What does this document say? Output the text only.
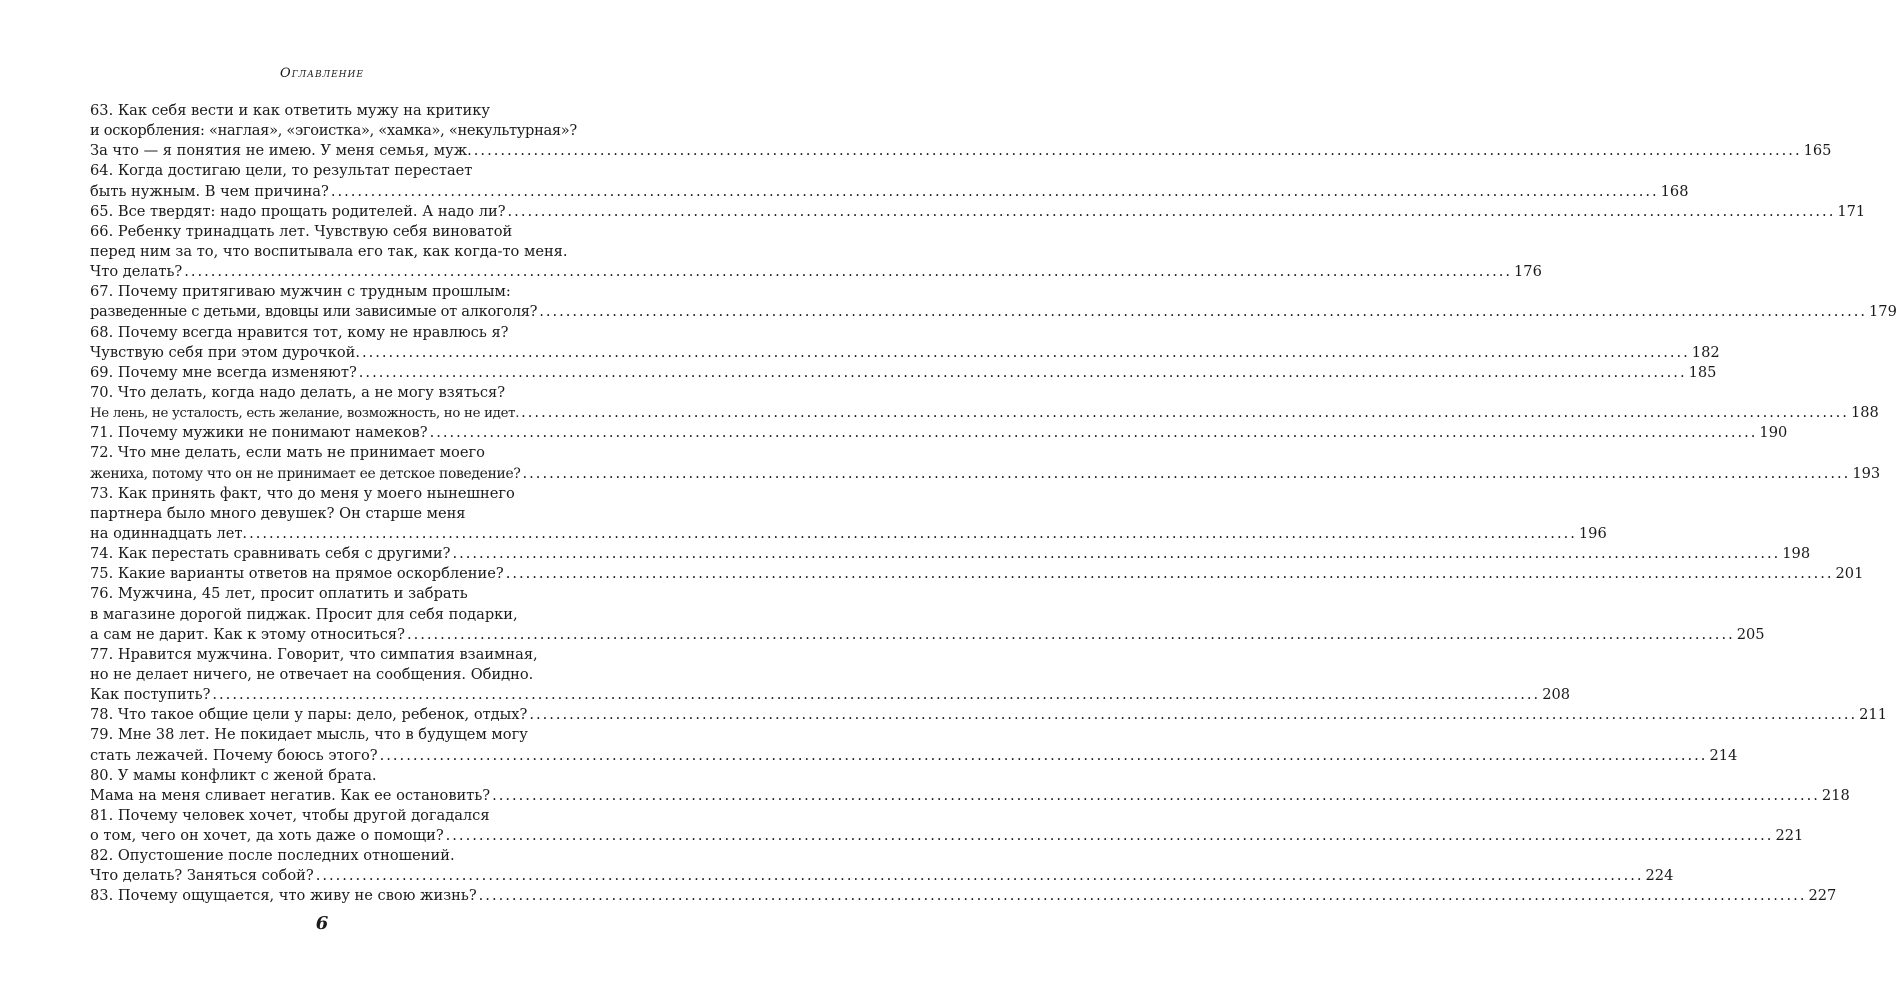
Оглавление
63. Как себя вести и как ответить мужу на критику
и оскорбления: «наглая», «эгоистка», «хамка», «некультурная»?
За что — я понятия не имею. У меня семья, муж. ........................................................................................................................................................................................................ 165
64. Когда достигаю цели, то результат перестает
быть нужным. В чем причина? ........................................................................................................................................................................................................ 168
65. Все твердят: надо прощать родителей. А надо ли? ........................................................................................................................................................................................................ 171
66. Ребенку тринадцать лет. Чувствую себя виноватой
перед ним за то, что воспитывала его так, как когда-то меня.
Что делать? ........................................................................................................................................................................................................ 176
67. Почему притягиваю мужчин с трудным прошлым:
разведенные с детьми, вдовцы или зависимые от алкоголя? ........................................................................................................................................................................................................ 179
68. Почему всегда нравится тот, кому не нравлюсь я?
Чувствую себя при этом дурочкой. ........................................................................................................................................................................................................ 182
69. Почему мне всегда изменяют? ........................................................................................................................................................................................................ 185
70. Что делать, когда надо делать, а не могу взяться?
Не лень, не усталость, есть желание, возможность, но не идет. ........................................................................................................................................................................................................ 188
71. Почему мужики не понимают намеков? ........................................................................................................................................................................................................ 190
72. Что мне делать, если мать не принимает моего
жениха, потому что он не принимает ее детское поведение? ........................................................................................................................................................................................................ 193
73. Как принять факт, что до меня у моего нынешнего
партнера было много девушек? Он старше меня
на одиннадцать лет. ........................................................................................................................................................................................................ 196
74. Как перестать сравнивать себя с другими? ........................................................................................................................................................................................................ 198
75. Какие варианты ответов на прямое оскорбление? ........................................................................................................................................................................................................ 201
76. Мужчина, 45 лет, просит оплатить и забрать
в магазине дорогой пиджак. Просит для себя подарки,
а сам не дарит. Как к этому относиться? ........................................................................................................................................................................................................ 205
77. Нравится мужчина. Говорит, что симпатия взаимная,
но не делает ничего, не отвечает на сообщения. Обидно.
Как поступить? ........................................................................................................................................................................................................ 208
78. Что такое общие цели у пары: дело, ребенок, отдых? ........................................................................................................................................................................................................ 211
79. Мне 38 лет. Не покидает мысль, что в будущем могу
стать лежачей. Почему боюсь этого? ........................................................................................................................................................................................................ 214
80. У мамы конфликт с женой брата.
Мама на меня сливает негатив. Как ее остановить? ........................................................................................................................................................................................................ 218
81. Почему человек хочет, чтобы другой догадался
о том, чего он хочет, да хоть даже о помощи? ........................................................................................................................................................................................................ 221
82. Опустошение после последних отношений.
Что делать? Заняться собой? ........................................................................................................................................................................................................ 224
83. Почему ощущается, что живу не свою жизнь? ........................................................................................................................................................................................................ 227
6
